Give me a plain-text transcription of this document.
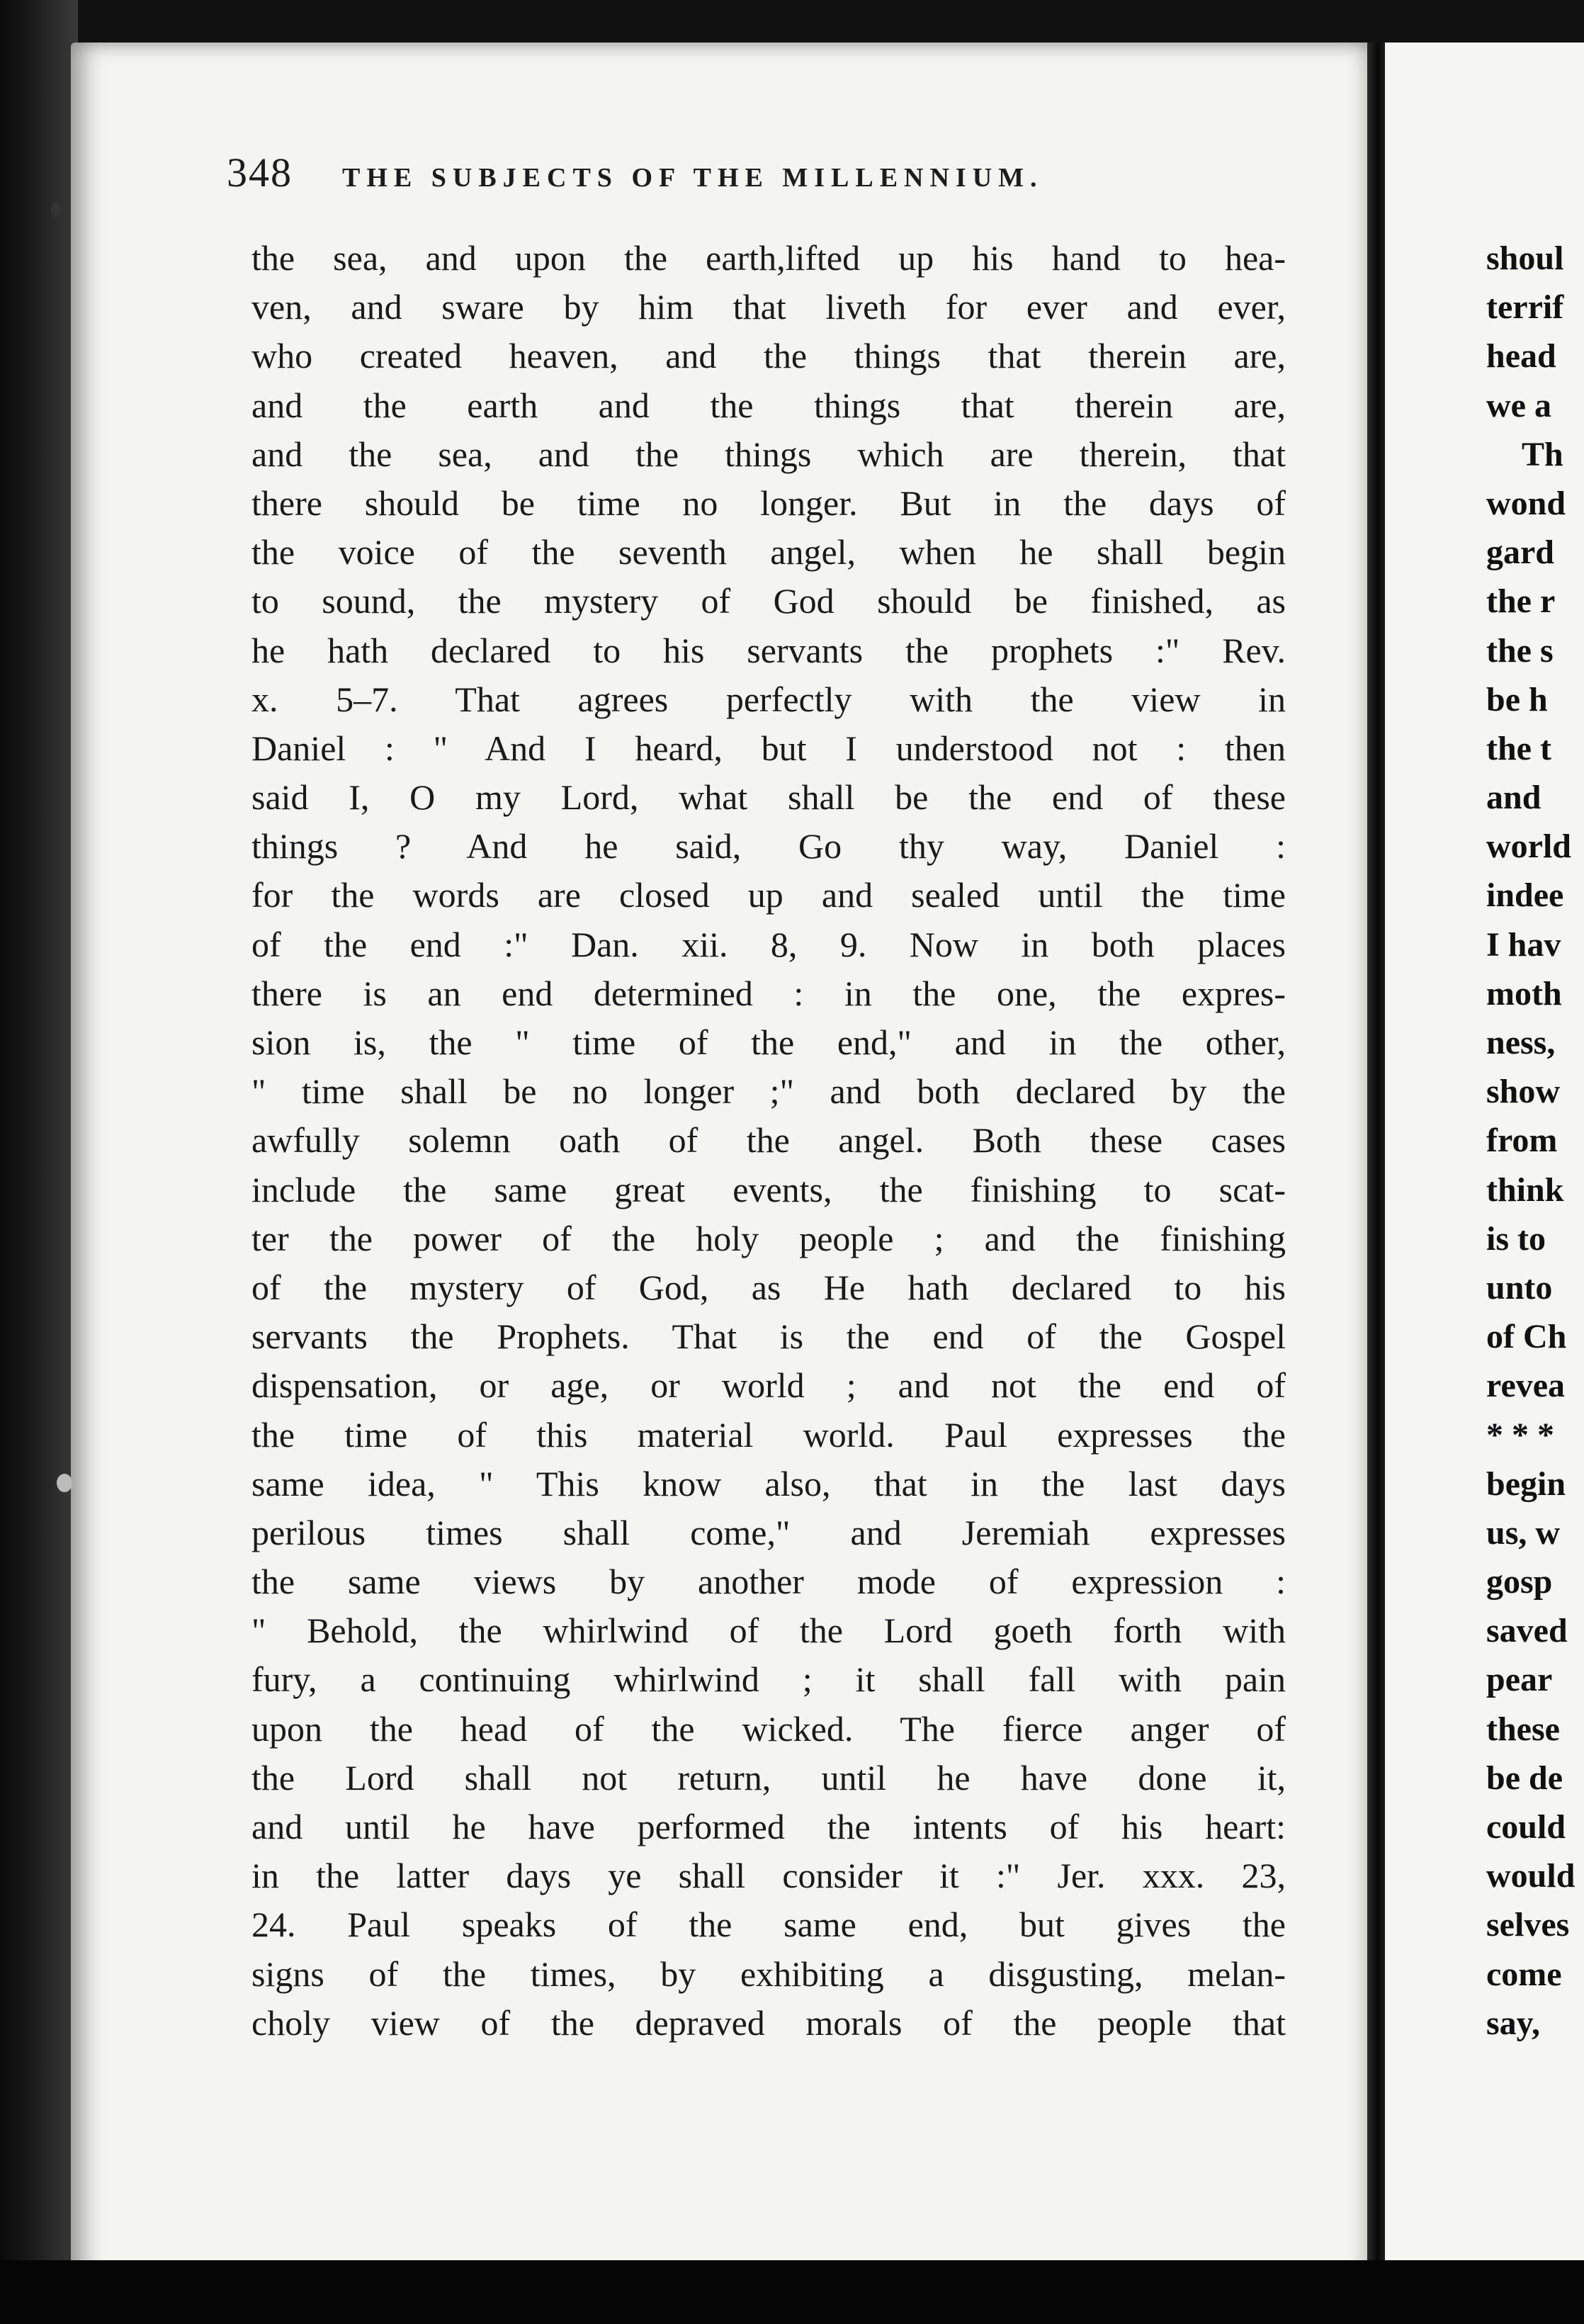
348 THE SUBJECTS OF THE MILLENNIUM.
the sea, and upon the earth,lifted up his hand to hea-
ven, and sware by him that liveth for ever and ever,
who created heaven, and the things that therein are,
and the earth and the things that therein are,
and the sea, and the things which are therein, that
there should be time no longer. But in the days of
the voice of the seventh angel, when he shall begin
to sound, the mystery of God should be finished, as
he hath declared to his servants the prophets :" Rev.
x. 5–7. That agrees perfectly with the view in
Daniel : " And I heard, but I understood not : then
said I, O my Lord, what shall be the end of these
things ? And he said, Go thy way, Daniel :
for the words are closed up and sealed until the time
of the end :" Dan. xii. 8, 9. Now in both places
there is an end determined : in the one, the expres-
sion is, the " time of the end," and in the other,
" time shall be no longer ;" and both declared by the
awfully solemn oath of the angel. Both these cases
include the same great events, the finishing to scat-
ter the power of the holy people ; and the finishing
of the mystery of God, as He hath declared to his
servants the Prophets. That is the end of the Gospel
dispensation, or age, or world ; and not the end of
the time of this material world. Paul expresses the
same idea, " This know also, that in the last days
perilous times shall come," and Jeremiah expresses
the same views by another mode of expression :
" Behold, the whirlwind of the Lord goeth forth with
fury, a continuing whirlwind ; it shall fall with pain
upon the head of the wicked. The fierce anger of
the Lord shall not return, until he have done it,
and until he have performed the intents of his heart:
in the latter days ye shall consider it :" Jer. xxx. 23,
24. Paul speaks of the same end, but gives the
signs of the times, by exhibiting a disgusting, melan-
choly view of the depraved morals of the people that
shoul
terrif
head
we a
Th
wond
gard
the r
the s
be h
the t
and
world
indee
I hav
moth
ness,
show
from
think
is to
unto
of Ch
revea
* * *
begin
us, w
gosp
saved
pear
these
be de
could
would
selves
come
say,
